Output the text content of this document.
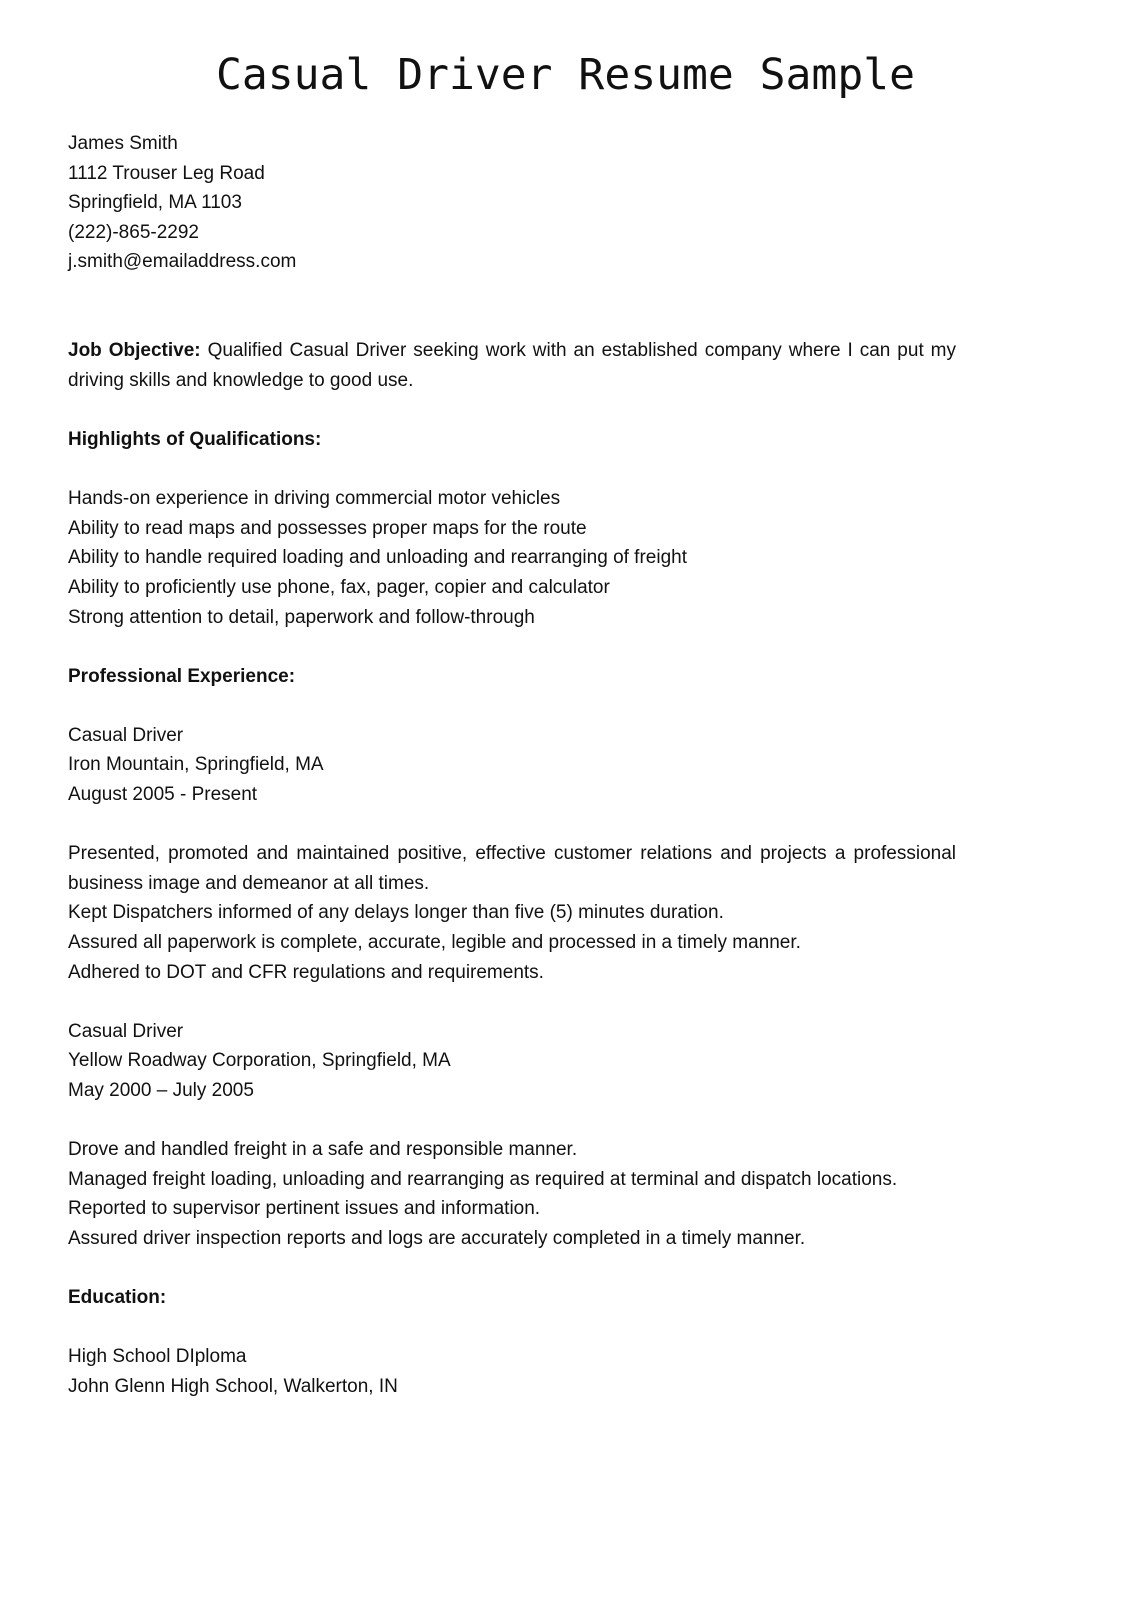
Casual Driver Resume Sample
James Smith
1112 Trouser Leg Road
Springfield, MA 1103
(222)-865-2292
j.smith@emailaddress.com
Job Objective: Qualified Casual Driver seeking work with an established company where I can put my driving skills and knowledge to good use.
Highlights of Qualifications:
Hands-on experience in driving commercial motor vehicles
Ability to read maps and possesses proper maps for the route
Ability to handle required loading and unloading and rearranging of freight
Ability to proficiently use phone, fax, pager, copier and calculator
Strong attention to detail, paperwork and follow-through
Professional Experience:
Casual Driver
Iron Mountain, Springfield, MA
August 2005 - Present
Presented, promoted and maintained positive, effective customer relations and projects a professional business image and demeanor at all times.
Kept Dispatchers informed of any delays longer than five (5) minutes duration.
Assured all paperwork is complete, accurate, legible and processed in a timely manner.
Adhered to DOT and CFR regulations and requirements.
Casual Driver
Yellow Roadway Corporation, Springfield, MA
May 2000 – July 2005
Drove and handled freight in a safe and responsible manner.
Managed freight loading, unloading and rearranging as required at terminal and dispatch locations.
Reported to supervisor pertinent issues and information.
Assured driver inspection reports and logs are accurately completed in a timely manner.
Education:
High School DIploma
John Glenn High School, Walkerton, IN
